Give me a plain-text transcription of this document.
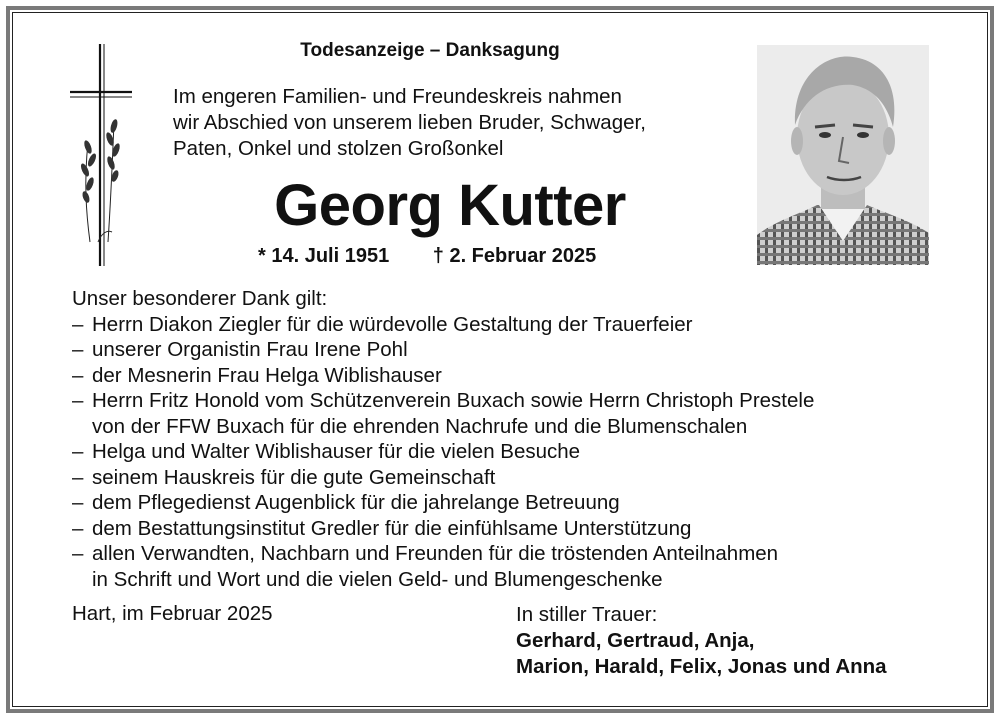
Todesanzeige – Danksagung
Im engeren Familien- und Freundeskreis nahmen
wir Abschied von unserem lieben Bruder, Schwager,
Paten, Onkel und stolzen Großonkel
Georg Kutter
* 14. Juli 1951 † 2. Februar 2025
Unser besonderer Dank gilt:
– Herrn Diakon Ziegler für die würdevolle Gestaltung der Trauerfeier
– unserer Organistin Frau Irene Pohl
– der Mesnerin Frau Helga Wiblishauser
– Herrn Fritz Honold vom Schützenverein Buxach sowie Herrn Christoph Prestele
von der FFW Buxach für die ehrenden Nachrufe und die Blumenschalen
– Helga und Walter Wiblishauser für die vielen Besuche
– seinem Hauskreis für die gute Gemeinschaft
– dem Pflegedienst Augenblick für die jahrelange Betreuung
– dem Bestattungsinstitut Gredler für die einfühlsame Unterstützung
– allen Verwandten, Nachbarn und Freunden für die tröstenden Anteilnahmen
in Schrift und Wort und die vielen Geld- und Blumengeschenke
Hart, im Februar 2025	In stiller Trauer:
Gerhard, Gertraud, Anja,
Marion, Harald, Felix, Jonas und Anna
